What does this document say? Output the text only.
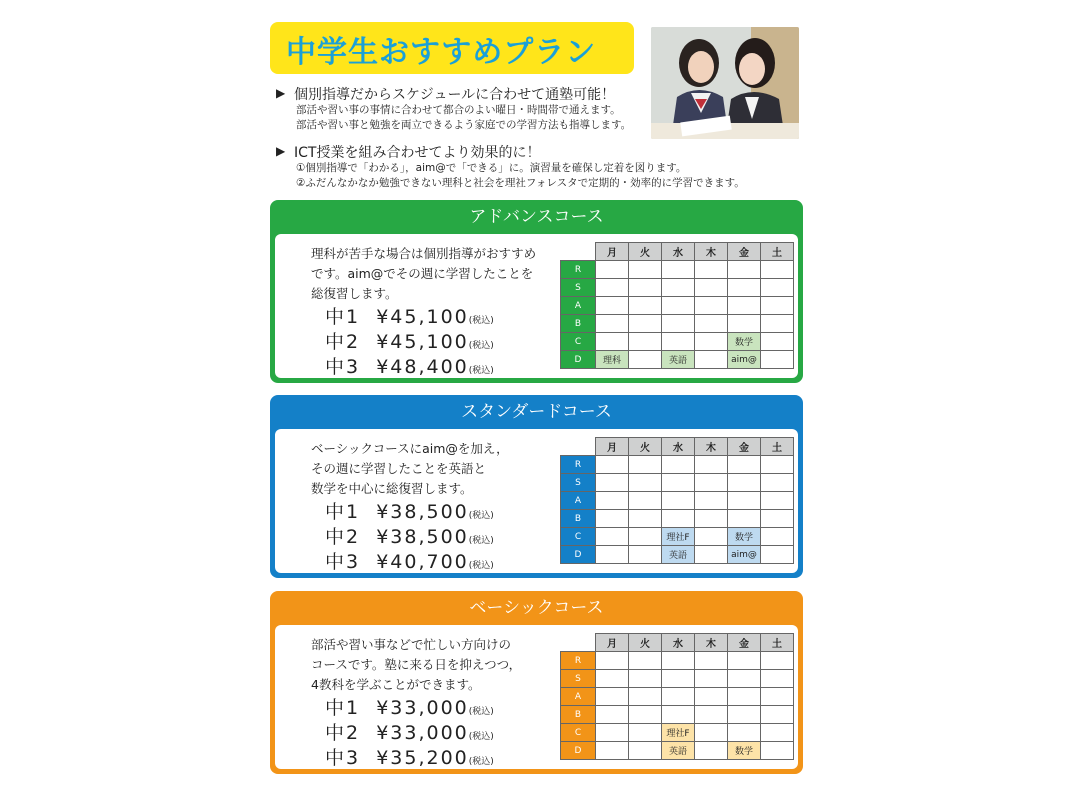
中学生おすすめプラン
▶ 個別指導だからスケジュールに合わせて通塾可能！
部活や習い事の事情に合わせて都合のよい曜日・時間帯で通えます。
部活や習い事と勉強を両立できるよう家庭での学習方法も指導します。
▶ ICT授業を組み合わせてより効果的に！
①個別指導で「わかる」，aim@で「できる」に。演習量を確保し定着を図ります。
②ふだんなかなか勉強できない理科と社会を理社フォレスタで定期的・効率的に学習できます。
アドバンスコース
理科が苦手な場合は個別指導がおすすめ
です。aim@でその週に学習したことを
総復習します。
中1 ¥45,100(税込)
中2 ¥45,100(税込)
中3 ¥48,400(税込)
	月	火	水	木	金	土
R						
S						
A						
B						
C					数学	
D	理科		英語		aim@	
スタンダードコース
ベーシックコースにaim@を加え，
その週に学習したことを英語と
数学を中心に総復習します。
中1 ¥38,500(税込)
中2 ¥38,500(税込)
中3 ¥40,700(税込)
	月	火	水	木	金	土
R						
S						
A						
B						
C			理社F		数学	
D			英語		aim@	
ベーシックコース
部活や習い事などで忙しい方向けの
コースです。塾に来る日を抑えつつ，
4教科を学ぶことができます。
中1 ¥33,000(税込)
中2 ¥33,000(税込)
中3 ¥35,200(税込)
	月	火	水	木	金	土
R						
S						
A						
B						
C			理社F			
D			英語		数学	
